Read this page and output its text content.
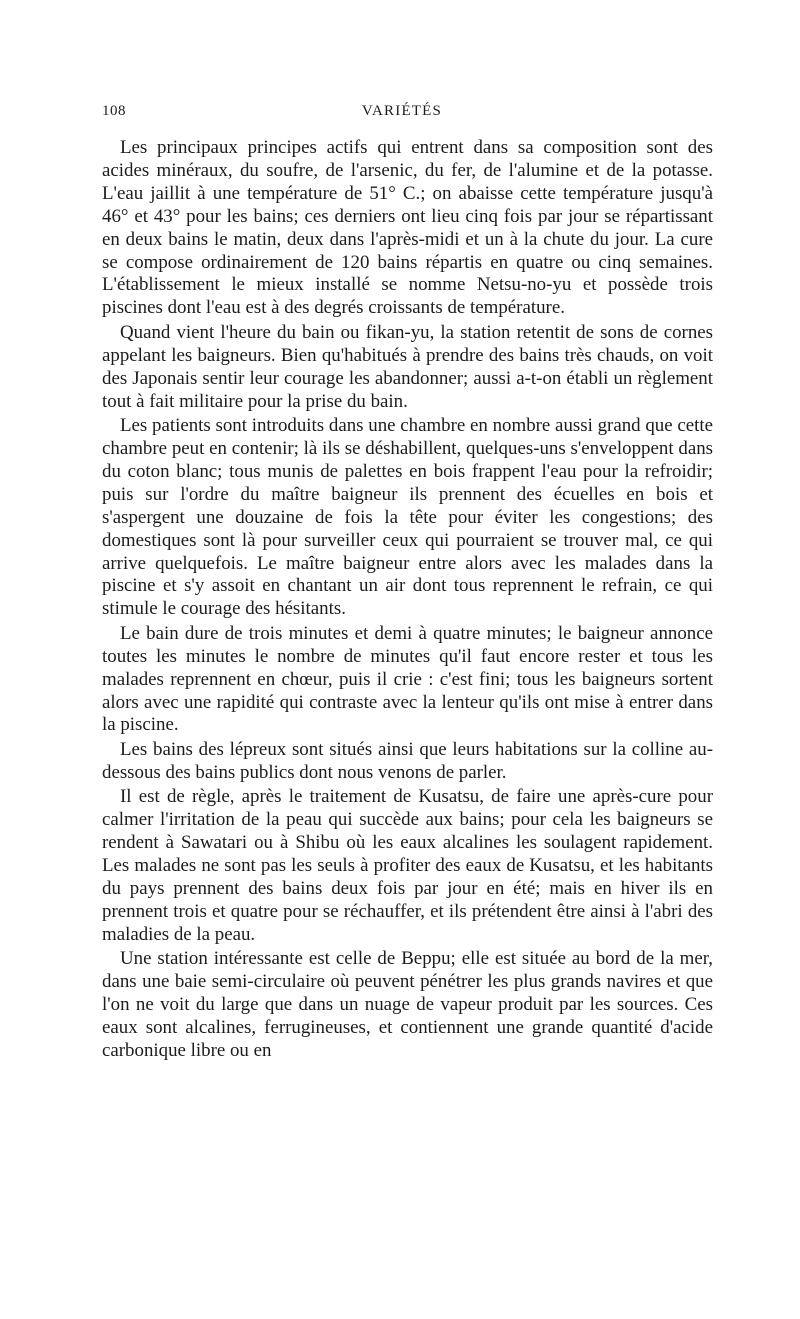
108	VARIÉTÉS

Les principaux principes actifs qui entrent dans sa composition sont des acides minéraux, du soufre, de l'arsenic, du fer, de l'alumine et de la potasse. L'eau jaillit à une température de 51° C.; on abaisse cette température jusqu'à 46° et 43° pour les bains; ces derniers ont lieu cinq fois par jour se répartissant en deux bains le matin, deux dans l'après-midi et un à la chute du jour. La cure se compose ordinairement de 120 bains répartis en quatre ou cinq semaines. L'établissement le mieux installé se nomme Netsu-no-yu et possède trois piscines dont l'eau est à des degrés croissants de température.

Quand vient l'heure du bain ou fikan-yu, la station retentit de sons de cornes appelant les baigneurs. Bien qu'habitués à prendre des bains très chauds, on voit des Japonais sentir leur courage les abandonner; aussi a-t-on établi un règlement tout à fait militaire pour la prise du bain.

Les patients sont introduits dans une chambre en nombre aussi grand que cette chambre peut en contenir; là ils se déshabillent, quelques-uns s'enveloppent dans du coton blanc; tous munis de palettes en bois frappent l'eau pour la refroidir; puis sur l'ordre du maître baigneur ils prennent des écuelles en bois et s'aspergent une douzaine de fois la tête pour éviter les congestions; des domestiques sont là pour surveiller ceux qui pourraient se trouver mal, ce qui arrive quelquefois. Le maître baigneur entre alors avec les malades dans la piscine et s'y assoit en chantant un air dont tous reprennent le refrain, ce qui stimule le courage des hésitants.

Le bain dure de trois minutes et demi à quatre minutes; le baigneur annonce toutes les minutes le nombre de minutes qu'il faut encore rester et tous les malades reprennent en chœur, puis il crie : c'est fini; tous les baigneurs sortent alors avec une rapidité qui contraste avec la lenteur qu'ils ont mise à entrer dans la piscine.

Les bains des lépreux sont situés ainsi que leurs habitations sur la colline au-dessous des bains publics dont nous venons de parler.

Il est de règle, après le traitement de Kusatsu, de faire une après-cure pour calmer l'irritation de la peau qui succède aux bains; pour cela les baigneurs se rendent à Sawatari ou à Shibu où les eaux alcalines les soulagent rapidement. Les malades ne sont pas les seuls à profiter des eaux de Kusatsu, et les habitants du pays prennent des bains deux fois par jour en été; mais en hiver ils en prennent trois et quatre pour se réchauffer, et ils prétendent être ainsi à l'abri des maladies de la peau.

Une station intéressante est celle de Beppu; elle est située au bord de la mer, dans une baie semi-circulaire où peuvent pénétrer les plus grands navires et que l'on ne voit du large que dans un nuage de vapeur produit par les sources. Ces eaux sont alcalines, ferrugineuses, et contiennent une grande quantité d'acide carbonique libre ou en
